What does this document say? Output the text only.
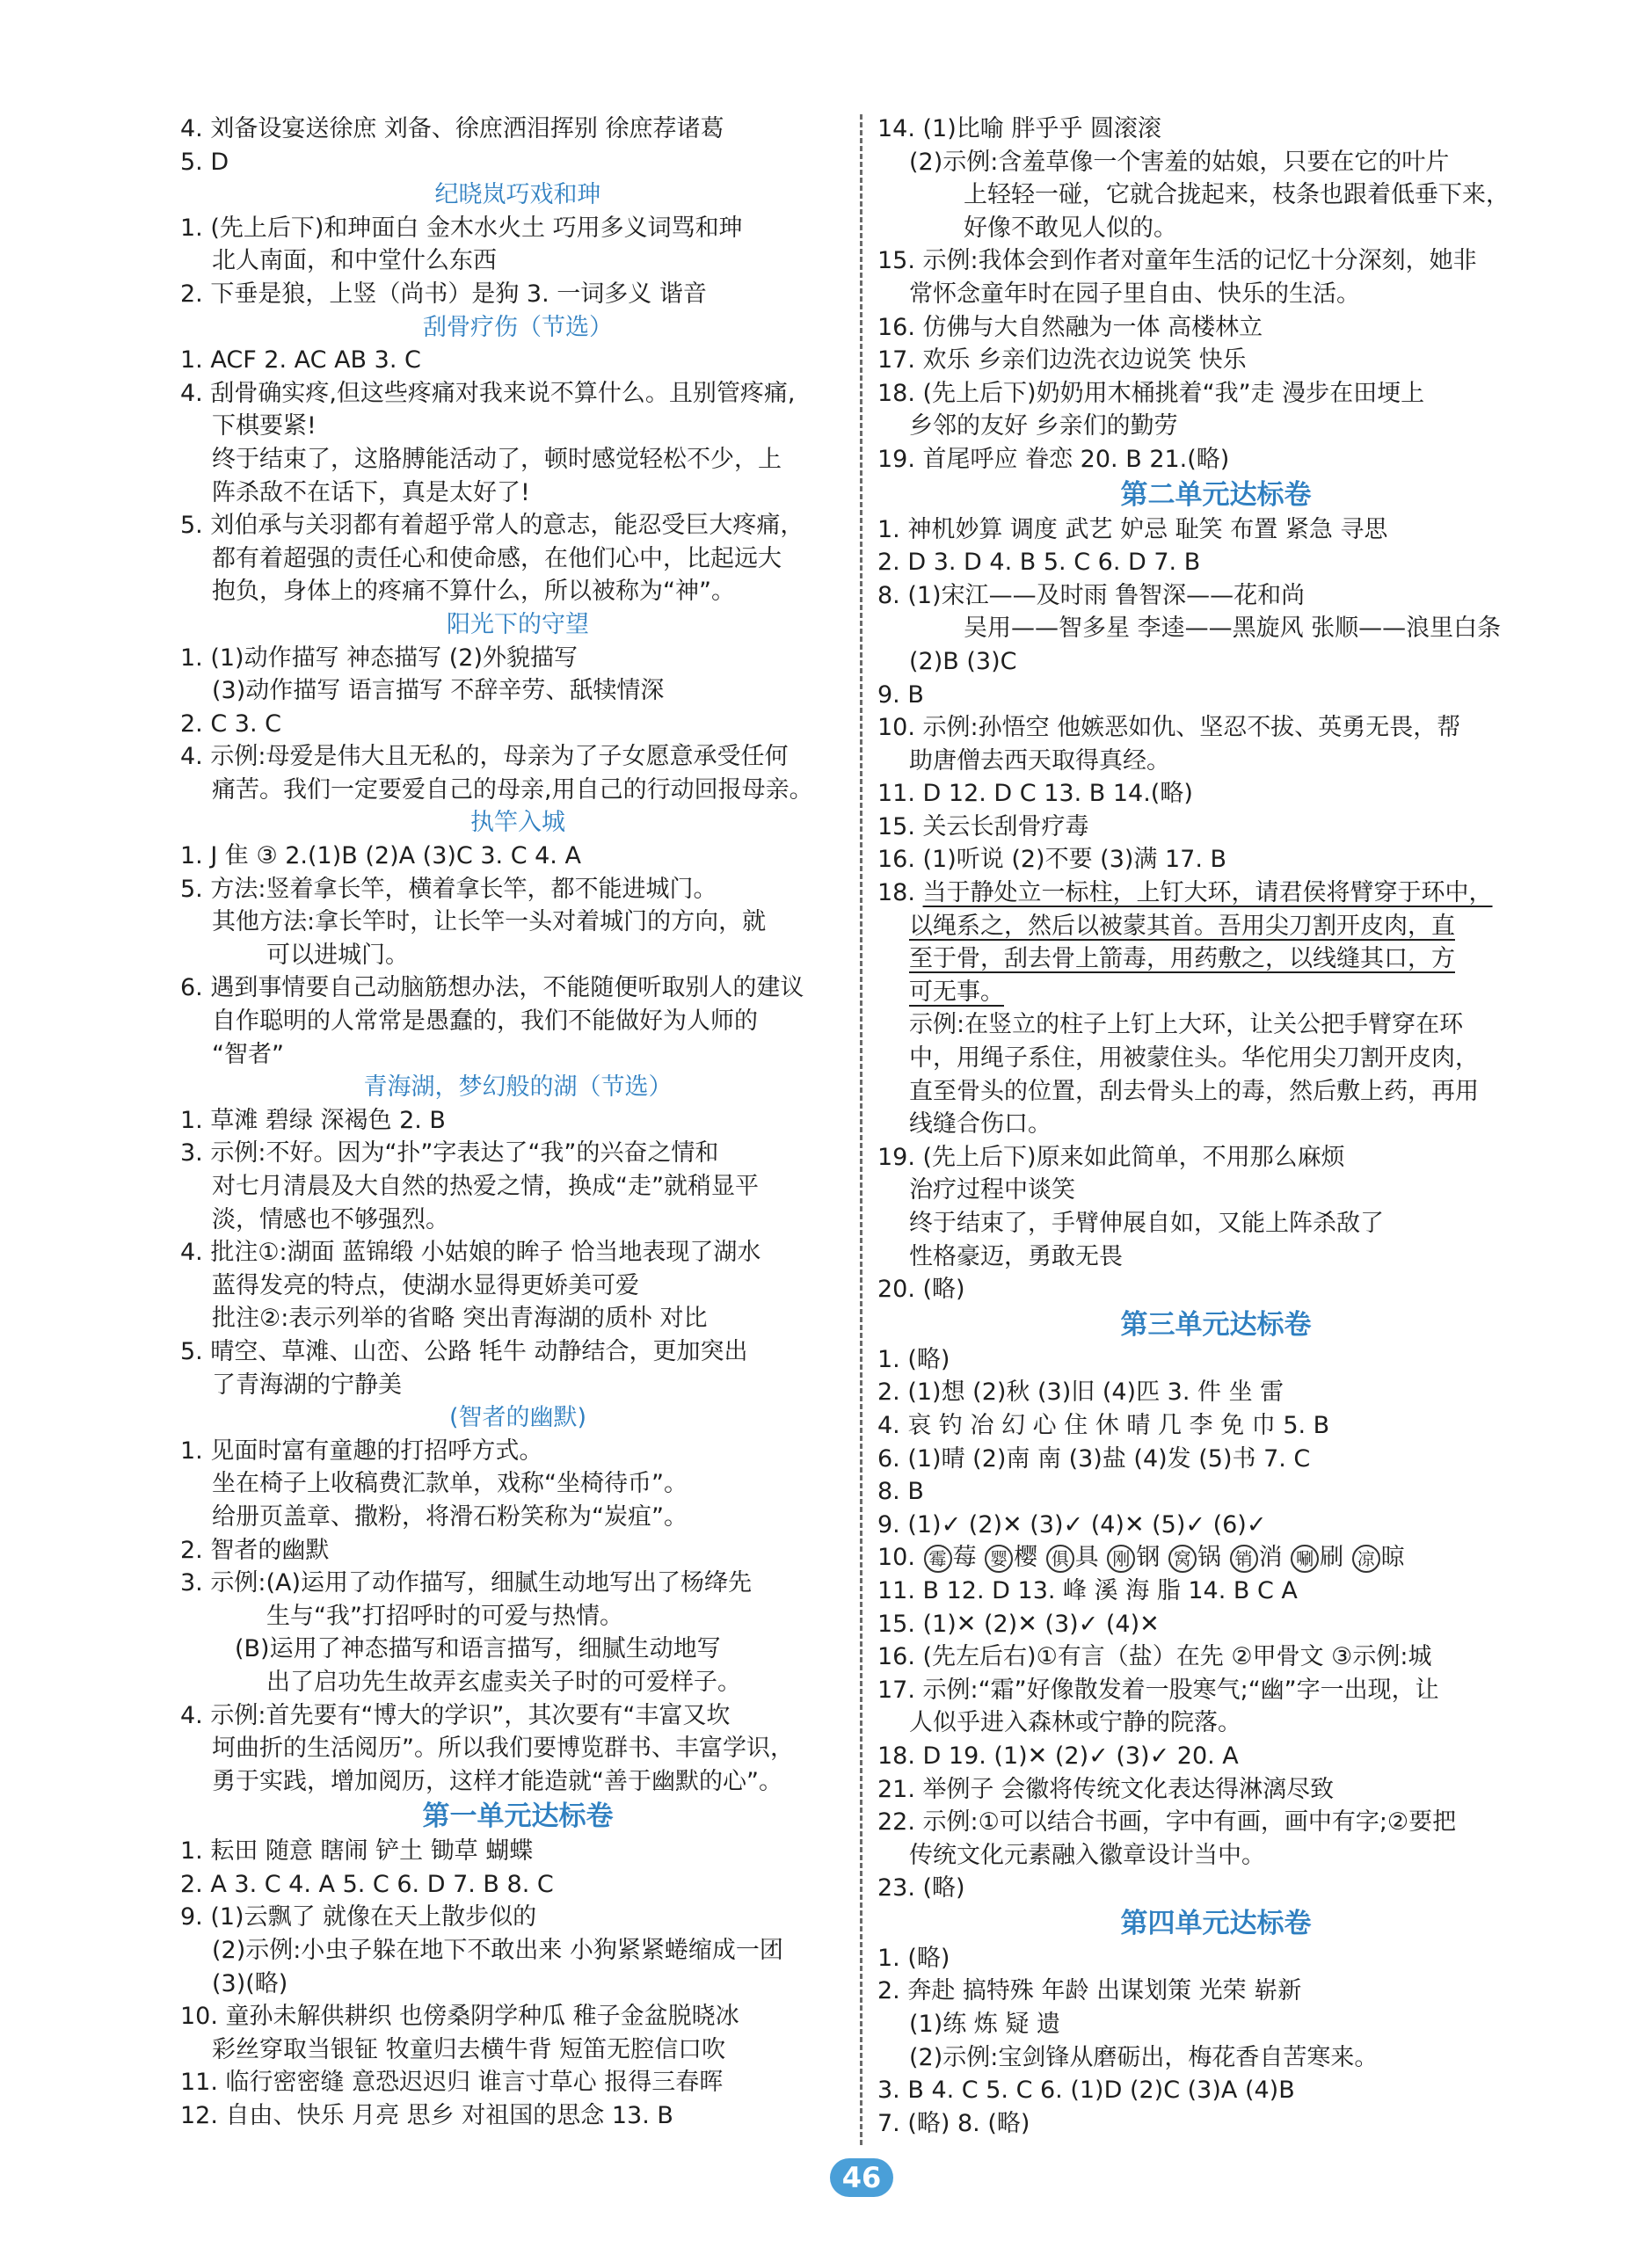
4. 刘备设宴送徐庶 刘备、徐庶洒泪挥别 徐庶荐诸葛
5. D
纪晓岚巧戏和珅
1. (先上后下)和珅面白 金木水火土 巧用多义词骂和珅
北人南面，和中堂什么东西
2. 下垂是狼，上竖（尚书）是狗 3. 一词多义 谐音
刮骨疗伤（节选）
1. ACF 2. AC AB 3. C
4. 刮骨确实疼,但这些疼痛对我来说不算什么。且别管疼痛,
下棋要紧!
终于结束了，这胳膊能活动了，顿时感觉轻松不少，上
阵杀敌不在话下，真是太好了!
5. 刘伯承与关羽都有着超乎常人的意志，能忍受巨大疼痛，
都有着超强的责任心和使命感，在他们心中，比起远大
抱负，身体上的疼痛不算什么，所以被称为“神”。
阳光下的守望
1. (1)动作描写 神态描写 (2)外貌描写
(3)动作描写 语言描写 不辞辛劳、舐犊情深
2. C 3. C
4. 示例:母爱是伟大且无私的，母亲为了子女愿意承受任何
痛苦。我们一定要爱自己的母亲,用自己的行动回报母亲。
执竿入城
1. J 隹 ③ 2.(1)B (2)A (3)C 3. C 4. A
5. 方法:竖着拿长竿，横着拿长竿，都不能进城门。
其他方法:拿长竿时，让长竿一头对着城门的方向，就
可以进城门。
6. 遇到事情要自己动脑筋想办法，不能随便听取别人的建议
自作聪明的人常常是愚蠢的，我们不能做好为人师的
“智者”
青海湖，梦幻般的湖（节选）
1. 草滩 碧绿 深褐色 2. B
3. 示例:不好。因为“扑”字表达了“我”的兴奋之情和
对七月清晨及大自然的热爱之情，换成“走”就稍显平
淡，情感也不够强烈。
4. 批注①:湖面 蓝锦缎 小姑娘的眸子 恰当地表现了湖水
蓝得发亮的特点，使湖水显得更娇美可爱
批注②:表示列举的省略 突出青海湖的质朴 对比
5. 晴空、草滩、山峦、公路 牦牛 动静结合，更加突出
了青海湖的宁静美
(智者的幽默)
1. 见面时富有童趣的打招呼方式。
坐在椅子上收稿费汇款单，戏称“坐椅待币”。
给册页盖章、撒粉，将滑石粉笑称为“炭疽”。
2. 智者的幽默
3. 示例:(A)运用了动作描写，细腻生动地写出了杨绛先
生与“我”打招呼时的可爱与热情。
(B)运用了神态描写和语言描写，细腻生动地写
出了启功先生故弄玄虚卖关子时的可爱样子。
4. 示例:首先要有“博大的学识”，其次要有“丰富又坎
坷曲折的生活阅历”。所以我们要博览群书、丰富学识，
勇于实践，增加阅历，这样才能造就“善于幽默的心”。
第一单元达标卷
1. 耘田 随意 瞎闹 铲土 锄草 蝴蝶
2. A 3. C 4. A 5. C 6. D 7. B 8. C
9. (1)云飘了 就像在天上散步似的
(2)示例:小虫子躲在地下不敢出来 小狗紧紧蜷缩成一团
(3)(略)
10. 童孙未解供耕织 也傍桑阴学种瓜 稚子金盆脱晓冰
彩丝穿取当银钲 牧童归去横牛背 短笛无腔信口吹
11. 临行密密缝 意恐迟迟归 谁言寸草心 报得三春晖
12. 自由、快乐 月亮 思乡 对祖国的思念 13. B
14. (1)比喻 胖乎乎 圆滚滚
(2)示例:含羞草像一个害羞的姑娘，只要在它的叶片
上轻轻一碰，它就合拢起来，枝条也跟着低垂下来，
好像不敢见人似的。
15. 示例:我体会到作者对童年生活的记忆十分深刻，她非
常怀念童年时在园子里自由、快乐的生活。
16. 仿佛与大自然融为一体 高楼林立
17. 欢乐 乡亲们边洗衣边说笑 快乐
18. (先上后下)奶奶用木桶挑着“我”走 漫步在田埂上
乡邻的友好 乡亲们的勤劳
19. 首尾呼应 眷恋 20. B 21.(略)
第二单元达标卷
1. 神机妙算 调度 武艺 妒忌 耻笑 布置 紧急 寻思
2. D 3. D 4. B 5. C 6. D 7. B
8. (1)宋江——及时雨 鲁智深——花和尚
吴用——智多星 李逵——黑旋风 张顺——浪里白条
(2)B (3)C
9. B
10. 示例:孙悟空 他嫉恶如仇、坚忍不拔、英勇无畏，帮
助唐僧去西天取得真经。
11. D 12. D C 13. B 14.(略)
15. 关云长刮骨疗毒
16. (1)听说 (2)不要 (3)满 17. B
18. 当于静处立一标柱，上钉大环，请君侯将臂穿于环中，
以绳系之，然后以被蒙其首。吾用尖刀割开皮肉，直
至于骨，刮去骨上箭毒，用药敷之，以线缝其口，方
可无事。
示例:在竖立的柱子上钉上大环，让关公把手臂穿在环
中，用绳子系住，用被蒙住头。华佗用尖刀割开皮肉，
直至骨头的位置，刮去骨头上的毒，然后敷上药，再用
线缝合伤口。
19. (先上后下)原来如此简单，不用那么麻烦
治疗过程中谈笑
终于结束了，手臂伸展自如，又能上阵杀敌了
性格豪迈，勇敢无畏
20. (略)
第三单元达标卷
1. (略)
2. (1)想 (2)秋 (3)旧 (4)匹 3. 件 坐 雷
4. 哀 钓 冶 幻 心 住 休 晴 几 李 免 巾 5. B
6. (1)晴 (2)南 南 (3)盐 (4)发 (5)书 7. C
8. B
9. (1)✓ (2)✕ (3)✓ (4)✕ (5)✓ (6)✓
10. 霉 莓 婴 樱 俱 具 刚 钢 窝 锅 销 消 唰 刷 凉 晾
11. B 12. D 13. 峰 溪 海 脂 14. B C A
15. (1)✕ (2)✕ (3)✓ (4)✕
16. (先左后右)①有言（盐）在先 ②甲骨文 ③示例:城
17. 示例:“霜”好像散发着一股寒气;“幽”字一出现，让
人似乎进入森林或宁静的院落。
18. D 19. (1)✕ (2)✓ (3)✓ 20. A
21. 举例子 会徽将传统文化表达得淋漓尽致
22. 示例:①可以结合书画，字中有画，画中有字;②要把
传统文化元素融入徽章设计当中。
23. (略)
第四单元达标卷
1. (略)
2. 奔赴 搞特殊 年龄 出谋划策 光荣 崭新
(1)练 炼 疑 遗
(2)示例:宝剑锋从磨砺出，梅花香自苦寒来。
3. B 4. C 5. C 6. (1)D (2)C (3)A (4)B
7. (略) 8. (略)
46
